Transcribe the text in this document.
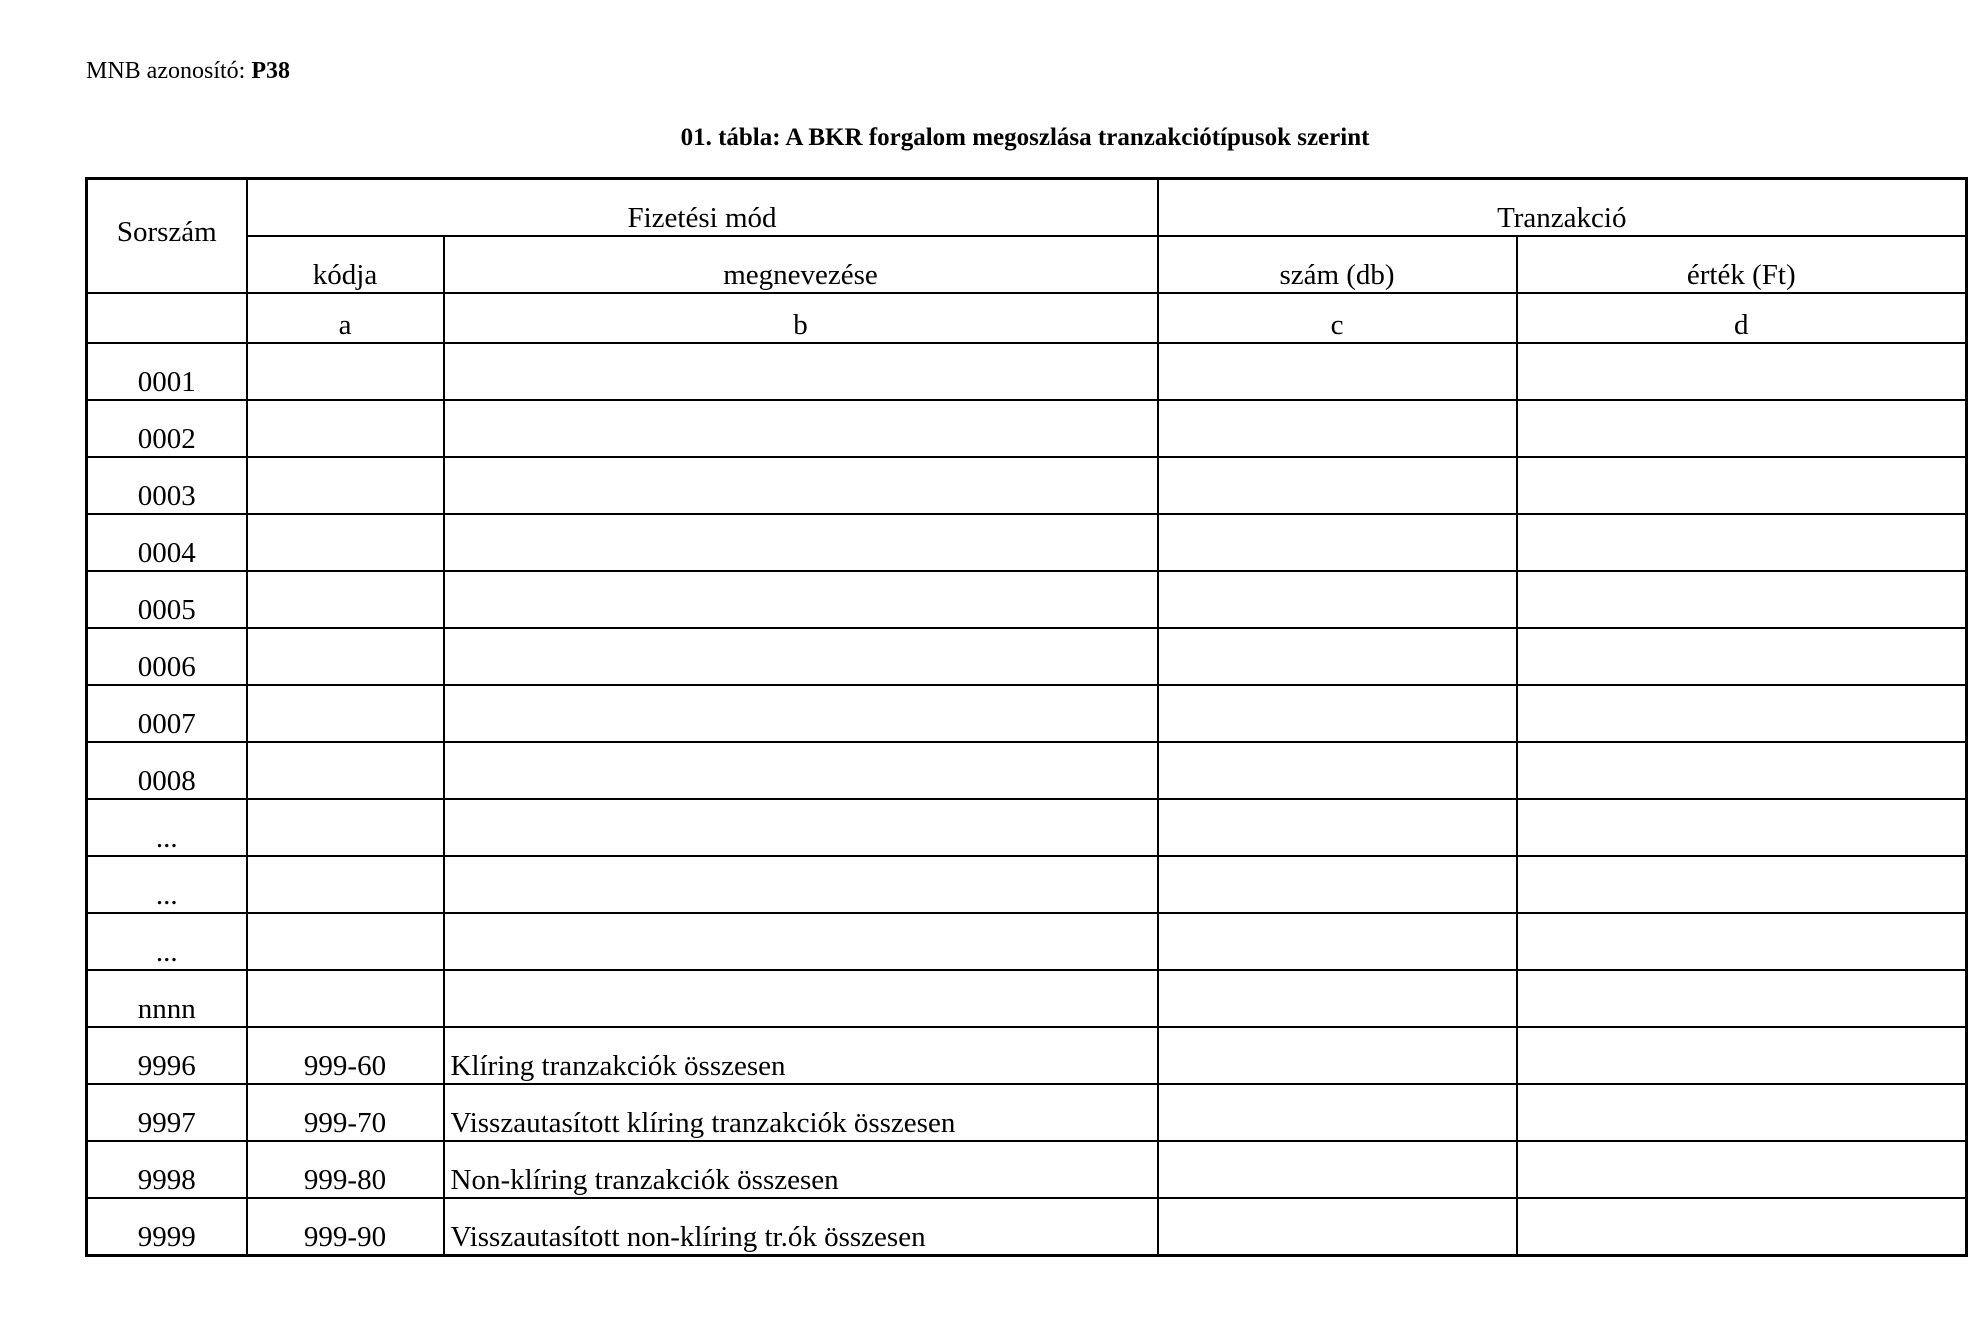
MNB azonosító: P38
01. tábla: A BKR forgalom megoszlása tranzakciótípusok szerint
Sorszám	Fizetési mód		Tranzakció	
	kódja	megnevezése	szám (db)	érték (Ft)
	a	b	c	d
0001				
0002				
0003				
0004				
0005				
0006				
0007				
0008				
...				
...				
...				
nnnn				
9996	999-60	Klíring tranzakciók összesen		
9997	999-70	Visszautasított klíring tranzakciók összesen		
9998	999-80	Non-klíring tranzakciók összesen		
9999	999-90	Visszautasított non-klíring tr.ók összesen		
